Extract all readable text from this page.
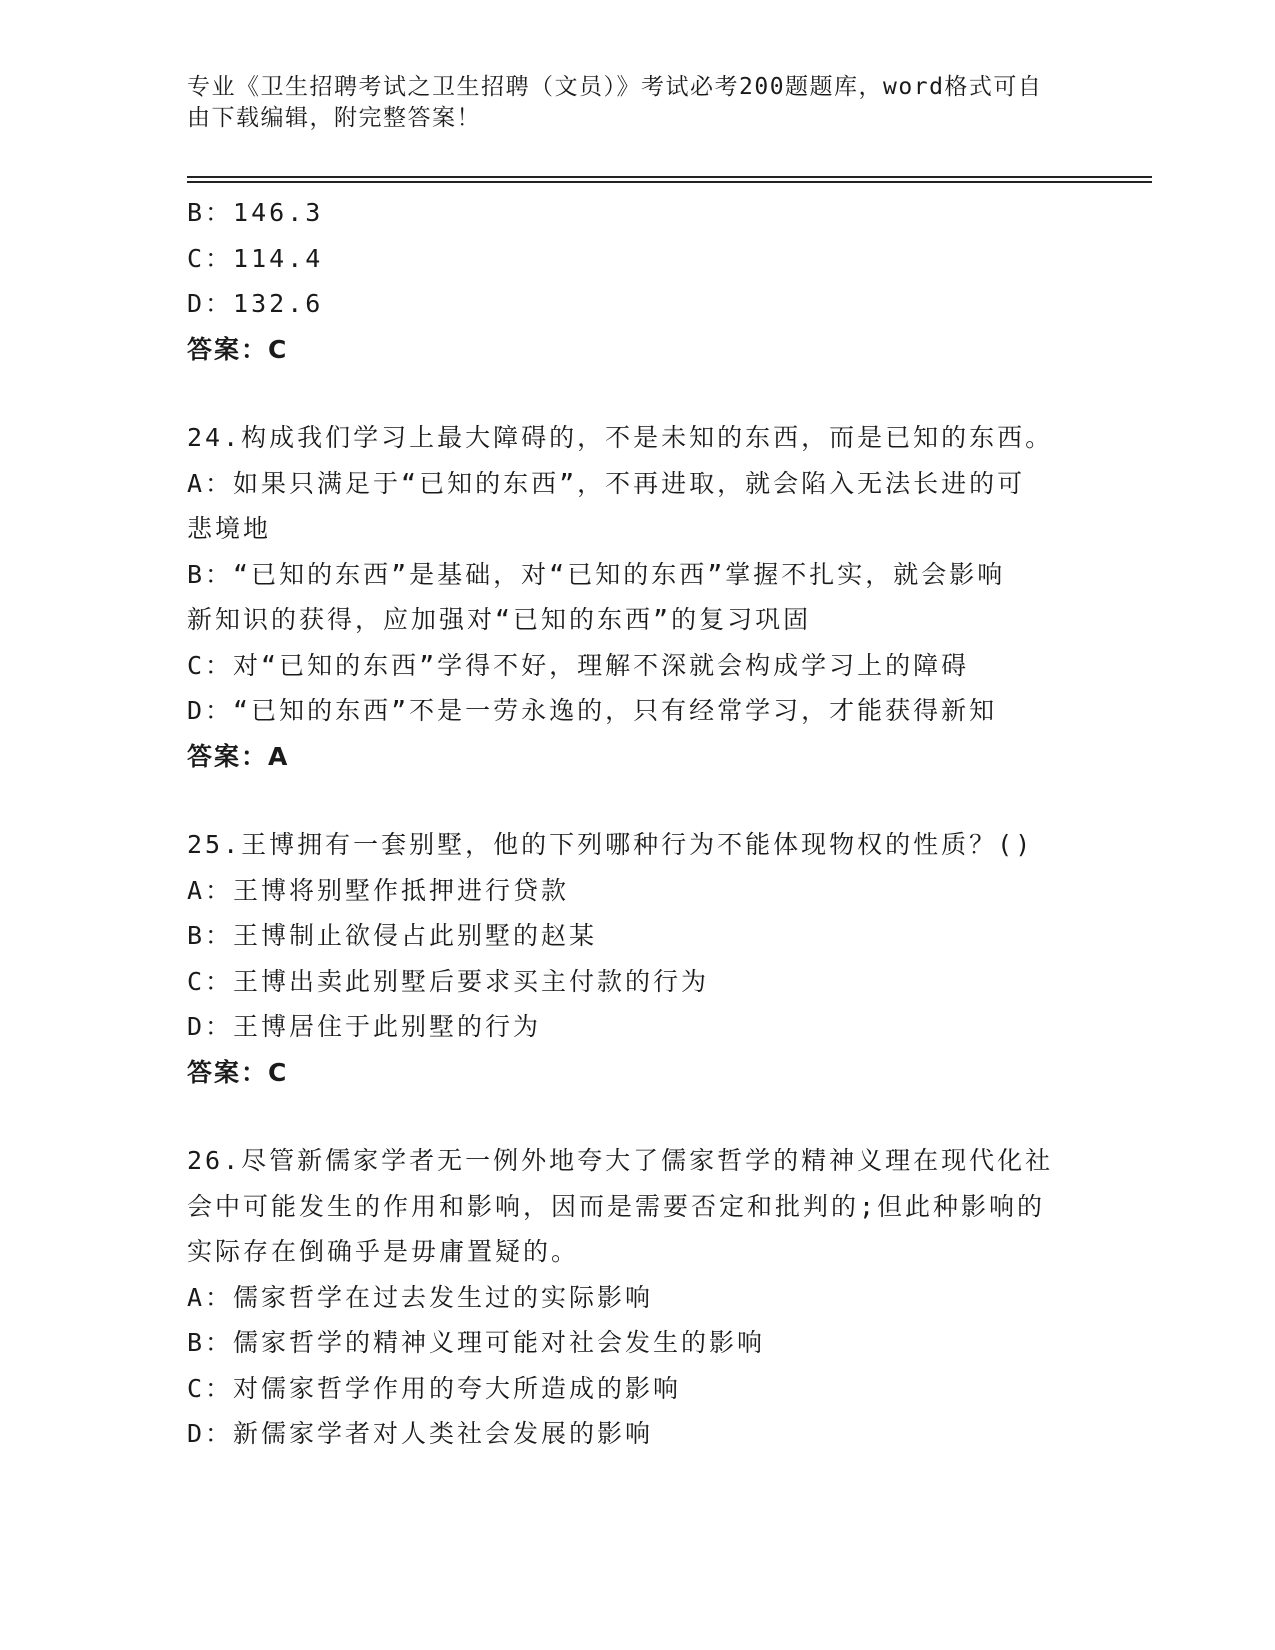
专业《卫生招聘考试之卫生招聘（文员）》考试必考200题题库，word格式可自
由下载编辑，附完整答案！
B：146.3
C：114.4
D：132.6
答案：C
24.构成我们学习上最大障碍的，不是未知的东西，而是已知的东西。
A：如果只满足于“已知的东西”，不再进取，就会陷入无法长进的可
悲境地
B：“已知的东西”是基础，对“已知的东西”掌握不扎实，就会影响
新知识的获得，应加强对“已知的东西”的复习巩固
C：对“已知的东西”学得不好，理解不深就会构成学习上的障碍
D：“已知的东西”不是一劳永逸的，只有经常学习，才能获得新知
答案：A
25.王博拥有一套别墅，他的下列哪种行为不能体现物权的性质？()
A：王博将别墅作抵押进行贷款
B：王博制止欲侵占此别墅的赵某
C：王博出卖此别墅后要求买主付款的行为
D：王博居住于此别墅的行为
答案：C
26.尽管新儒家学者无一例外地夸大了儒家哲学的精神义理在现代化社
会中可能发生的作用和影响，因而是需要否定和批判的;但此种影响的
实际存在倒确乎是毋庸置疑的。
A：儒家哲学在过去发生过的实际影响
B：儒家哲学的精神义理可能对社会发生的影响
C：对儒家哲学作用的夸大所造成的影响
D：新儒家学者对人类社会发展的影响
